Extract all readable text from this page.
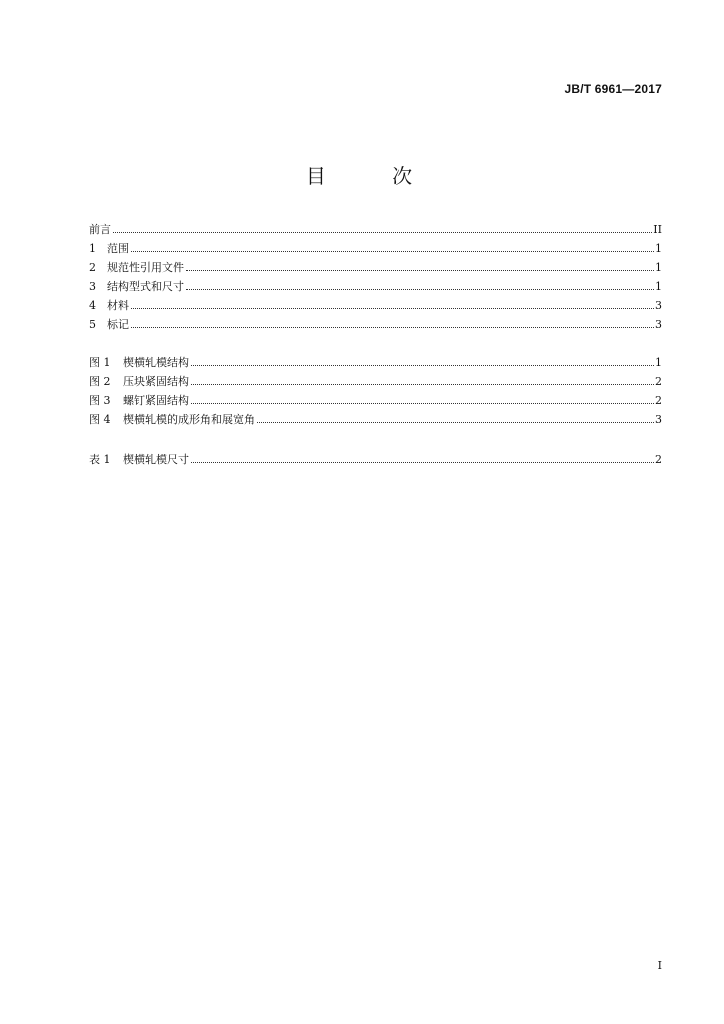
JB/T 6961—2017
目 次
前言	II
1	范围	1
2	规范性引用文件	1
3	结构型式和尺寸	1
4	材料	3
5	标记	3
图 1	楔横轧模结构	1
图 2	压块紧固结构	2
图 3	螺钉紧固结构	2
图 4	楔横轧模的成形角和展宽角	3
表 1	楔横轧模尺寸	2
I
